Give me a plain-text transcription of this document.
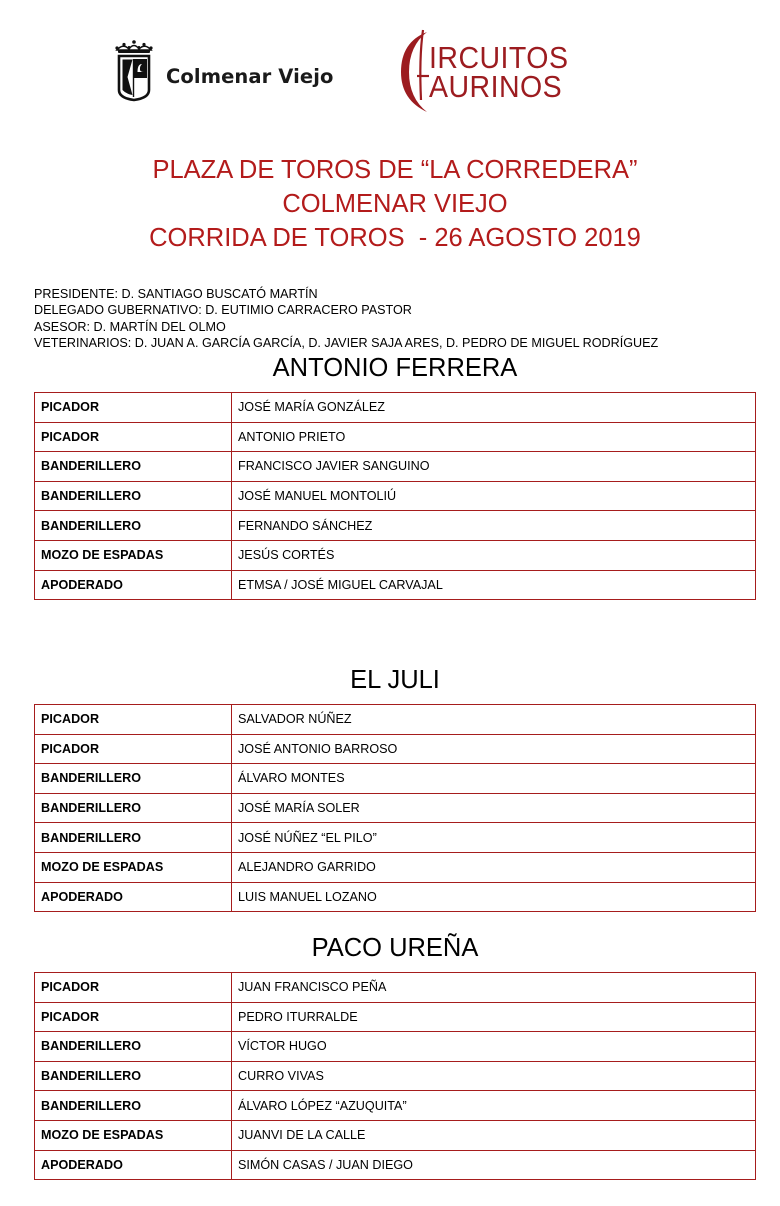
Colmenar Viejo
IRCUITOS
AURINOS
PLAZA DE TOROS DE “LA CORREDERA”
COLMENAR VIEJO
CORRIDA DE TOROS  - 26 AGOSTO 2019
PRESIDENTE: D. SANTIAGO BUSCATÓ MARTÍN
DELEGADO GUBERNATIVO: D. EUTIMIO CARRACERO PASTOR
ASESOR: D. MARTÍN DEL OLMO
VETERINARIOS: D. JUAN A. GARCÍA GARCÍA, D. JAVIER SAJA ARES, D. PEDRO DE MIGUEL RODRÍGUEZ
ANTONIO FERRERA
PICADOR	JOSÉ MARÍA GONZÁLEZ
PICADOR	ANTONIO PRIETO
BANDERILLERO	FRANCISCO JAVIER SANGUINO
BANDERILLERO	JOSÉ MANUEL MONTOLIÚ
BANDERILLERO	FERNANDO SÁNCHEZ
MOZO DE ESPADAS	JESÚS CORTÉS
APODERADO	ETMSA / JOSÉ MIGUEL CARVAJAL
EL JULI
PICADOR	SALVADOR NÚÑEZ
PICADOR	JOSÉ ANTONIO BARROSO
BANDERILLERO	ÁLVARO MONTES
BANDERILLERO	JOSÉ MARÍA SOLER
BANDERILLERO	JOSÉ NÚÑEZ “EL PILO”
MOZO DE ESPADAS	ALEJANDRO GARRIDO
APODERADO	LUIS MANUEL LOZANO
PACO UREÑA
PICADOR	JUAN FRANCISCO PEÑA
PICADOR	PEDRO ITURRALDE
BANDERILLERO	VÍCTOR HUGO
BANDERILLERO	CURRO VIVAS
BANDERILLERO	ÁLVARO LÓPEZ “AZUQUITA”
MOZO DE ESPADAS	JUANVI DE LA CALLE
APODERADO	SIMÓN CASAS / JUAN DIEGO
